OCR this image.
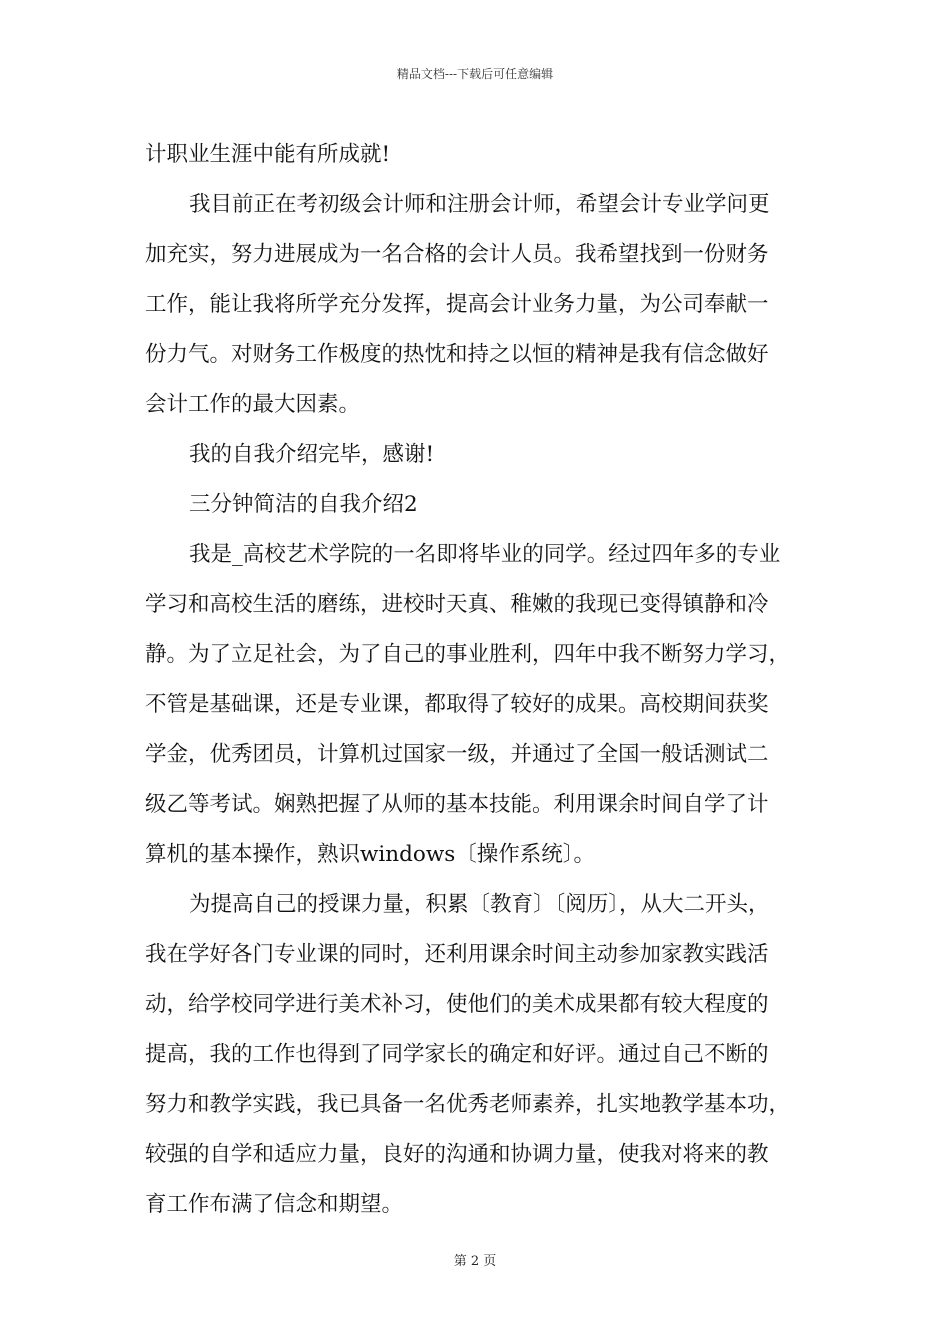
精品文档---下载后可任意编辑
计职业生涯中能有所成就!
我目前正在考初级会计师和注册会计师，希望会计专业学问更
加充实，努力进展成为一名合格的会计人员。我希望找到一份财务
工作，能让我将所学充分发挥，提高会计业务力量，为公司奉献一
份力气。对财务工作极度的热忱和持之以恒的精神是我有信念做好
会计工作的最大因素。
我的自我介绍完毕，感谢!
三分钟简洁的自我介绍2
我是_高校艺术学院的一名即将毕业的同学。经过四年多的专业
学习和高校生活的磨练，进校时天真、稚嫩的我现已变得镇静和冷
静。为了立足社会，为了自己的事业胜利，四年中我不断努力学习，
不管是基础课，还是专业课，都取得了较好的成果。高校期间获奖
学金，优秀团员，计算机过国家一级，并通过了全国一般话测试二
级乙等考试。娴熟把握了从师的基本技能。利用课余时间自学了计
算机的基本操作，熟识windows〔操作系统〕。
为提高自己的授课力量，积累〔教育〕〔阅历〕，从大二开头，
我在学好各门专业课的同时，还利用课余时间主动参加家教实践活
动，给学校同学进行美术补习，使他们的美术成果都有较大程度的
提高，我的工作也得到了同学家长的确定和好评。通过自己不断的
努力和教学实践，我已具备一名优秀老师素养，扎实地教学基本功，
较强的自学和适应力量，良好的沟通和协调力量，使我对将来的教
育工作布满了信念和期望。
第 2 页
